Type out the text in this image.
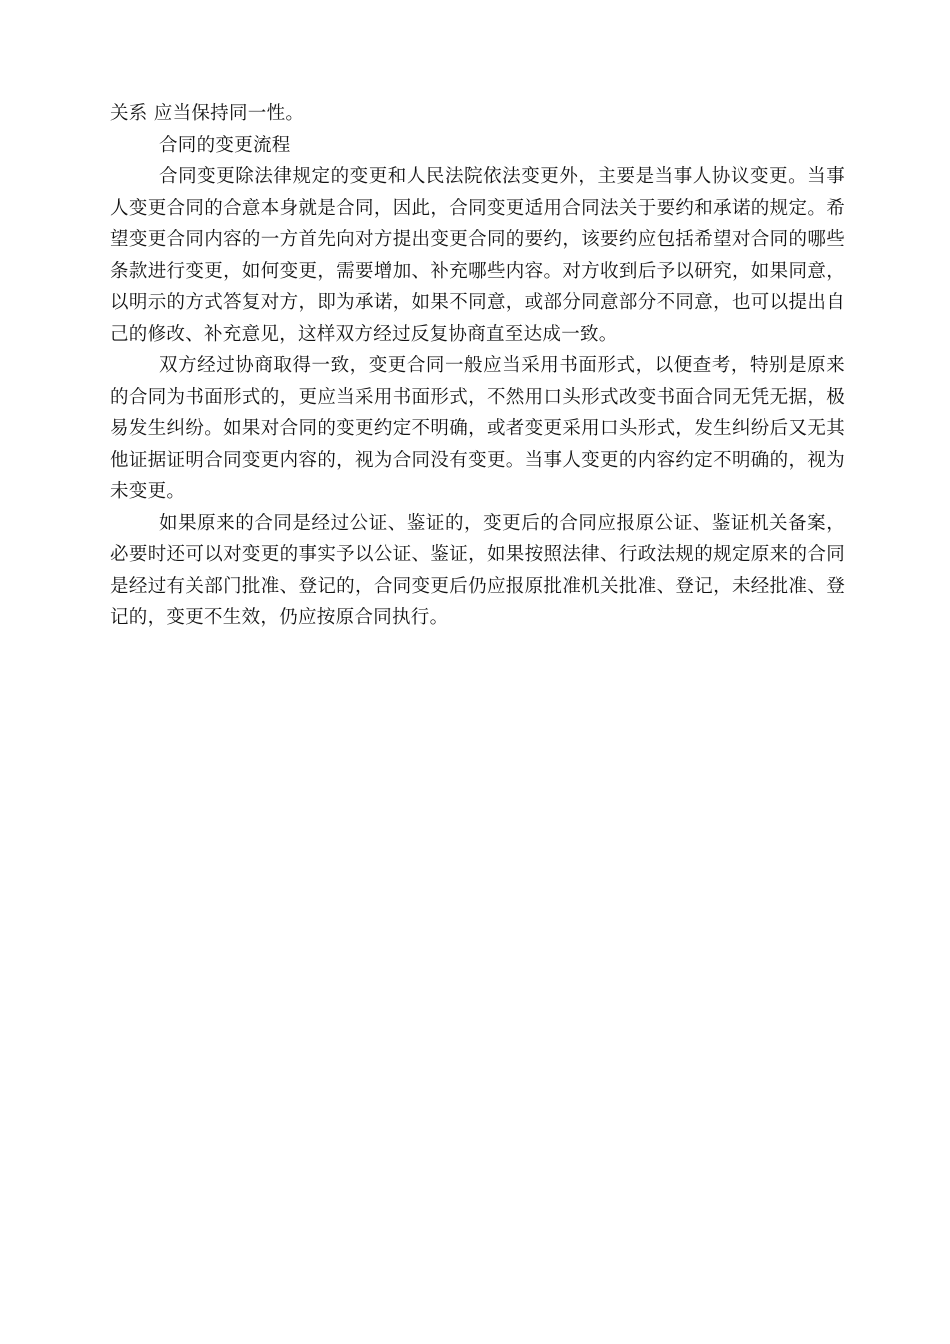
关系 应当保持同一性。

合同的变更流程

合同变更除法律规定的变更和人民法院依法变更外，主要是当事人协议变更。当事人变更合同的合意本身就是合同，因此，合同变更适用合同法关于要约和承诺的规定。希望变更合同内容的一方首先向对方提出变更合同的要约，该要约应包括希望对合同的哪些条款进行变更，如何变更，需要增加、补充哪些内容。对方收到后予以研究，如果同意，以明示的方式答复对方，即为承诺，如果不同意，或部分同意部分不同意，也可以提出自己的修改、补充意见，这样双方经过反复协商直至达成一致。

双方经过协商取得一致，变更合同一般应当采用书面形式，以便查考，特别是原来的合同为书面形式的，更应当采用书面形式，不然用口头形式改变书面合同无凭无据，极易发生纠纷。如果对合同的变更约定不明确，或者变更采用口头形式，发生纠纷后又无其他证据证明合同变更内容的，视为合同没有变更。当事人变更的内容约定不明确的，视为未变更。

如果原来的合同是经过公证、鉴证的，变更后的合同应报原公证、鉴证机关备案，必要时还可以对变更的事实予以公证、鉴证，如果按照法律、行政法规的规定原来的合同是经过有关部门批准、登记的，合同变更后仍应报原批准机关批准、登记，未经批准、登记的，变更不生效，仍应按原合同执行。
